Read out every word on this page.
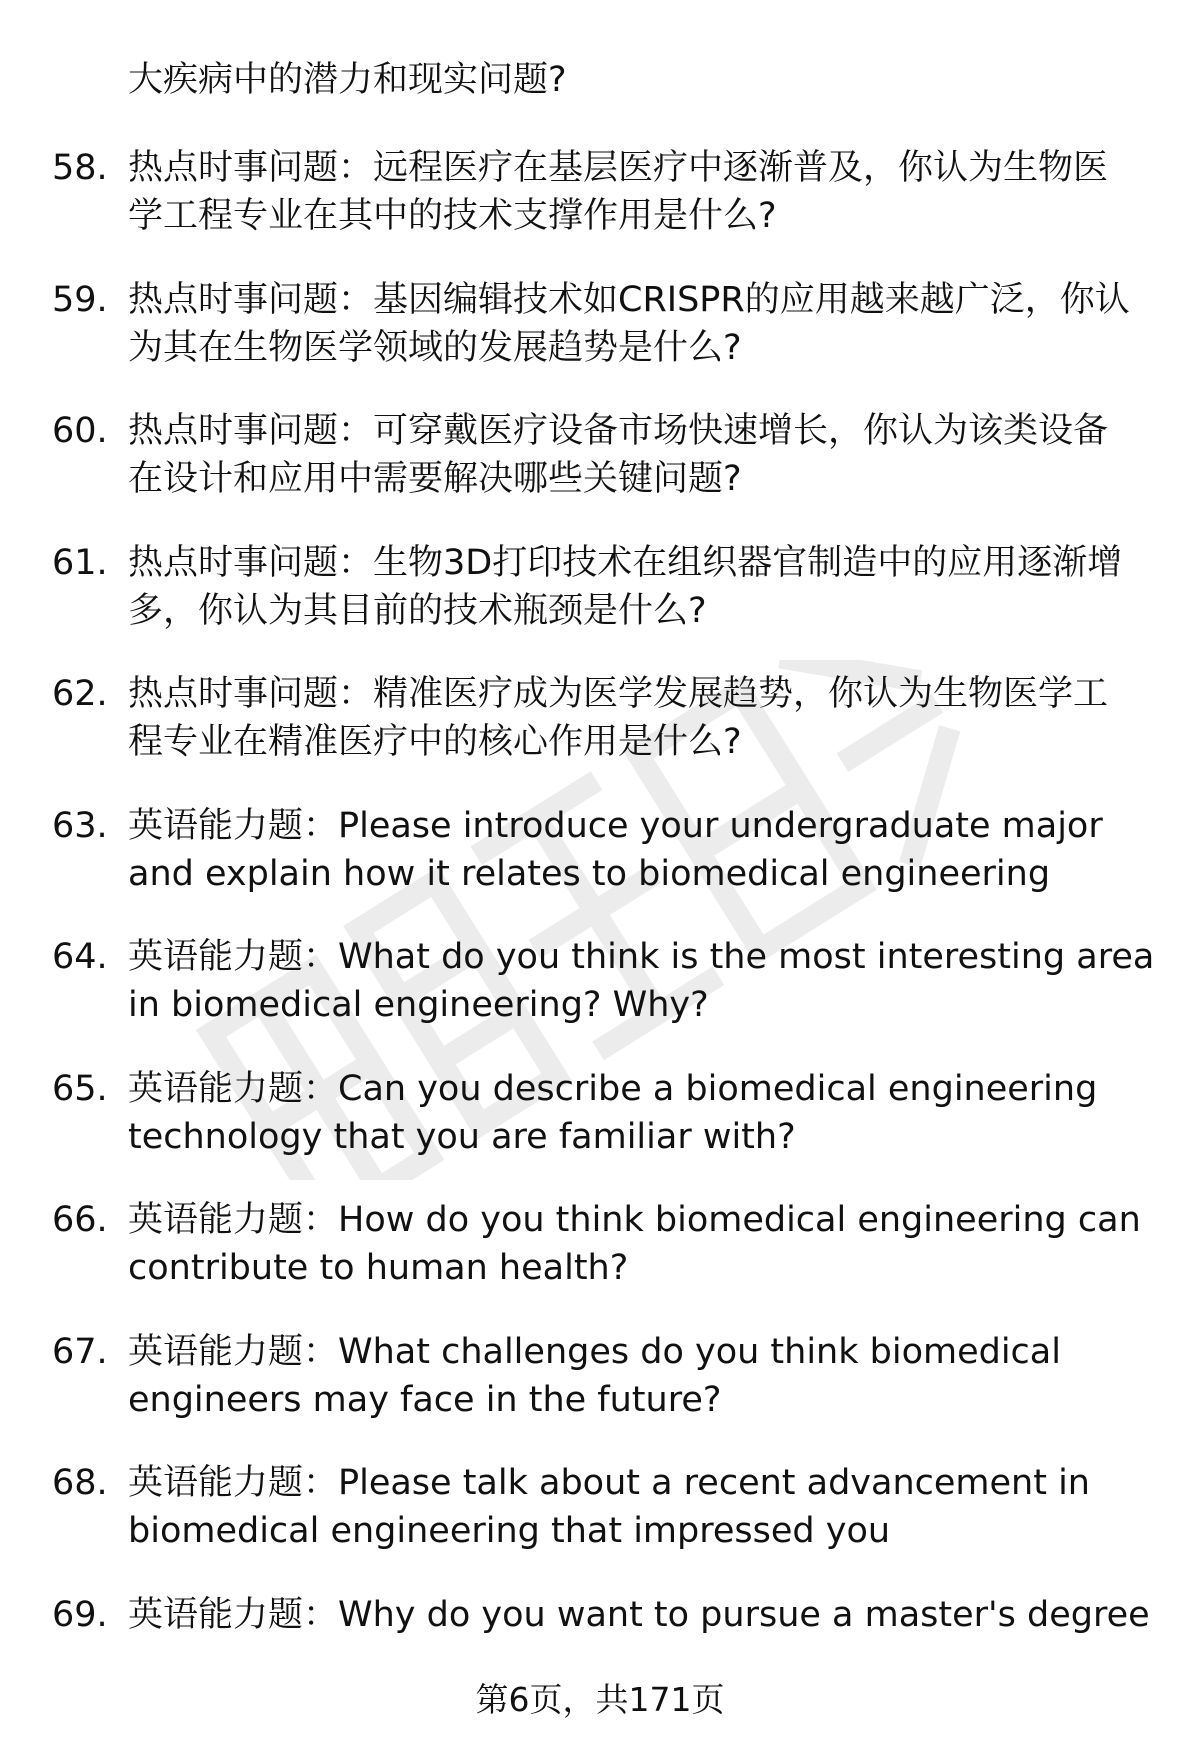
大疾病中的潜力和现实问题?
58. 热点时事问题：远程医疗在基层医疗中逐渐普及，你认为生物医
学工程专业在其中的技术支撑作用是什么?
59. 热点时事问题：基因编辑技术如CRISPR的应用越来越广泛，你认
为其在生物医学领域的发展趋势是什么?
60. 热点时事问题：可穿戴医疗设备市场快速增长，你认为该类设备
在设计和应用中需要解决哪些关键问题?
61. 热点时事问题：生物3D打印技术在组织器官制造中的应用逐渐增
多，你认为其目前的技术瓶颈是什么?
62. 热点时事问题：精准医疗成为医学发展趋势，你认为生物医学工
程专业在精准医疗中的核心作用是什么?
63. 英语能力题：Please introduce your undergraduate major
and explain how it relates to biomedical engineering
64. 英语能力题：What do you think is the most interesting area
in biomedical engineering? Why?
65. 英语能力题：Can you describe a biomedical engineering
technology that you are familiar with?
66. 英语能力题：How do you think biomedical engineering can
contribute to human health?
67. 英语能力题：What challenges do you think biomedical
engineers may face in the future?
68. 英语能力题：Please talk about a recent advancement in
biomedical engineering that impressed you
69. 英语能力题：Why do you want to pursue a master's degree
第6页，共171页
